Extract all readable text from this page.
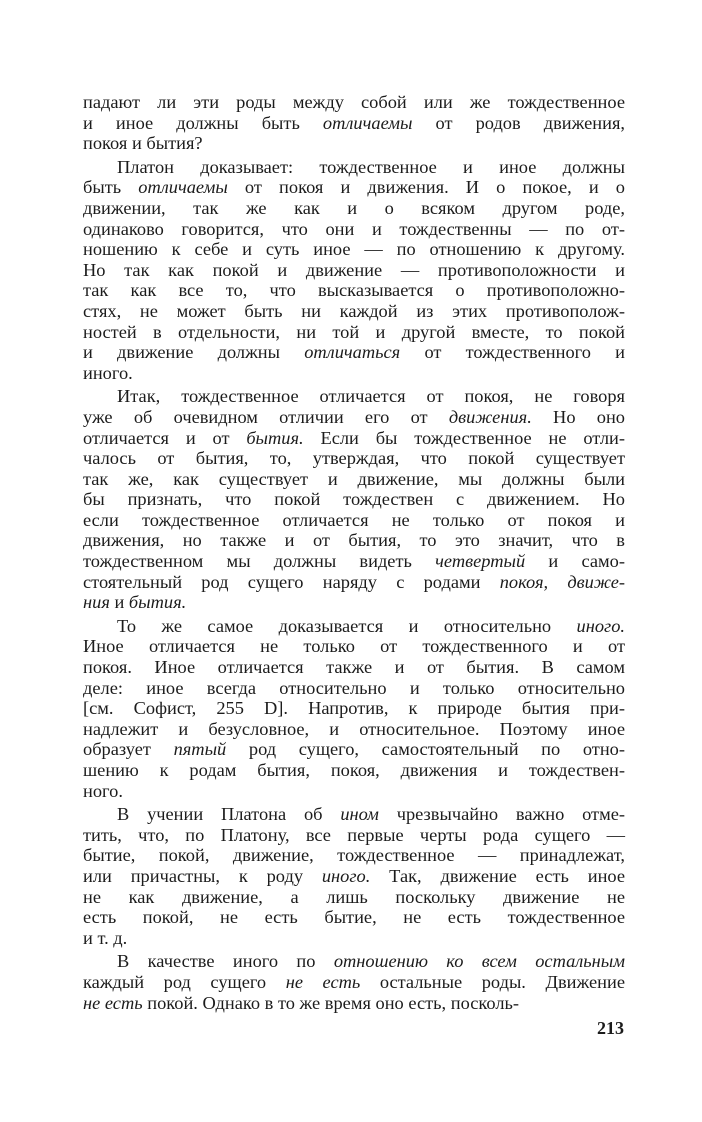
падают ли эти роды между собой или же тождественное
и иное должны быть отличаемы от родов движения,
покоя и бытия?
Платон доказывает: тождественное и иное должны
быть отличаемы от покоя и движения. И о покое, и о
движении, так же как и о всяком другом роде,
одинаково говорится, что они и тождественны — по от-
ношению к себе и суть иное — по отношению к другому.
Но так как покой и движение — противоположности и
так как все то, что высказывается о противоположно-
стях, не может быть ни каждой из этих противополож-
ностей в отдельности, ни той и другой вместе, то покой
и движение должны отличаться от тождественного и
иного.
Итак, тождественное отличается от покоя, не говоря
уже об очевидном отличии его от движения. Но оно
отличается и от бытия. Если бы тождественное не отли-
чалось от бытия, то, утверждая, что покой существует
так же, как существует и движение, мы должны были
бы признать, что покой тождествен с движением. Но
если тождественное отличается не только от покоя и
движения, но также и от бытия, то это значит, что в
тождественном мы должны видеть четвертый и само-
стоятельный род сущего наряду с родами покоя, движе-
ния и бытия.
То же самое доказывается и относительно иного.
Иное отличается не только от тождественного и от
покоя. Иное отличается также и от бытия. В самом
деле: иное всегда относительно и только относительно
[см. Софист, 255 D]. Напротив, к природе бытия при-
надлежит и безусловное, и относительное. Поэтому иное
образует пятый род сущего, самостоятельный по отно-
шению к родам бытия, покоя, движения и тождествен-
ного.
В учении Платона об ином чрезвычайно важно отме-
тить, что, по Платону, все первые черты рода сущего —
бытие, покой, движение, тождественное — принадлежат,
или причастны, к роду иного. Так, движение есть иное
не как движение, а лишь поскольку движение не
есть покой, не есть бытие, не есть тождественное
и т. д.
В качестве иного по отношению ко всем остальным
каждый род сущего не есть остальные роды. Движение
не есть покой. Однако в то же время оно есть, посколь-
213
